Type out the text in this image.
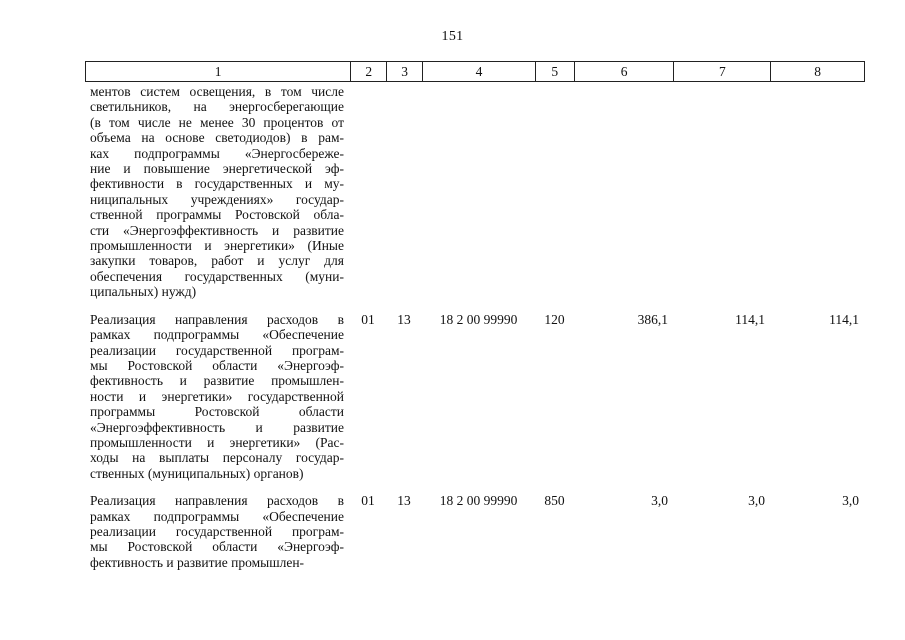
151
1	2	3	4	5	6	7	8
ментов систем освещения, в том числе
светильников, на энергосберегающие
(в том числе не менее 30 процентов от
объема на основе светодиодов) в рам-
ках подпрограммы «Энергосбереже-
ние и повышение энергетической эф-
фективности в государственных и му-
ниципальных учреждениях» государ-
ственной программы Ростовской обла-
сти «Энергоэффективность и развитие
промышленности и энергетики» (Иные
закупки товаров, работ и услуг для
обеспечения государственных (муни-
ципальных) нужд)
Реализация направления расходов в
рамках подпрограммы «Обеспечение
реализации государственной програм-
мы Ростовской области «Энергоэф-
фективность и развитие промышлен-
ности и энергетики» государственной
программы Ростовской области
«Энергоэффективность и развитие
промышленности и энергетики» (Рас-
ходы на выплаты персоналу государ-
ственных (муниципальных) органов)
01	13	18 2 00 99990	120	386,1	114,1	114,1
Реализация направления расходов в
рамках подпрограммы «Обеспечение
реализации государственной програм-
мы Ростовской области «Энергоэф-
фективность и развитие промышлен-
01	13	18 2 00 99990	850	3,0	3,0	3,0
